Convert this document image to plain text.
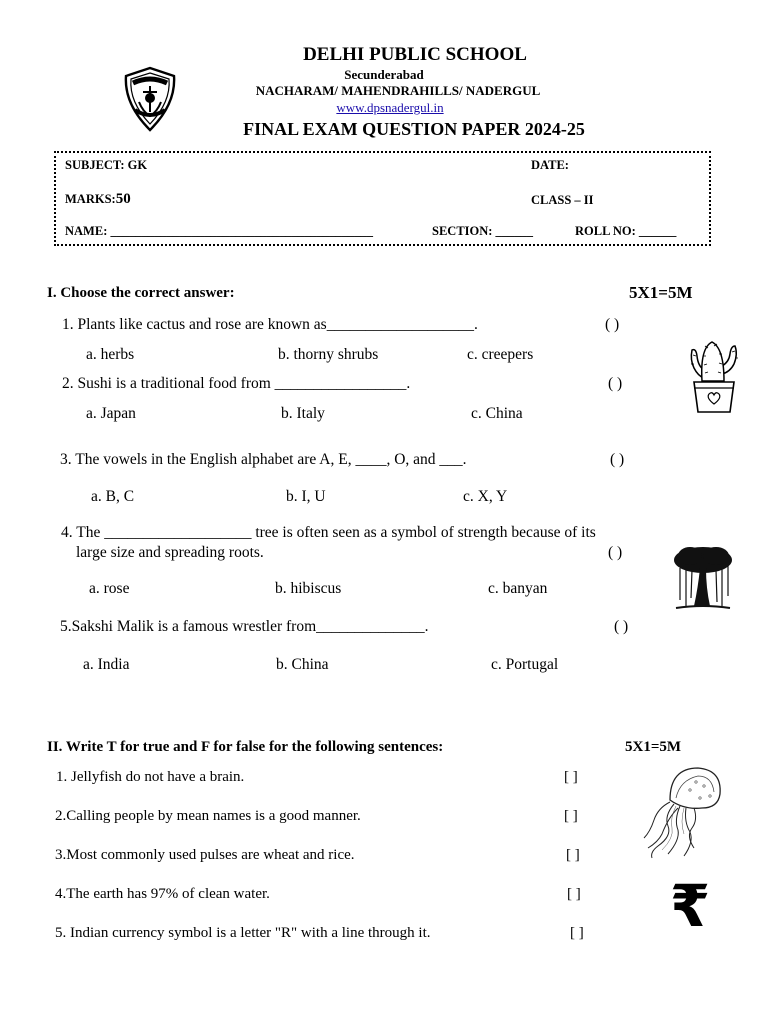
DELHI PUBLIC SCHOOL
Secunderabad
NACHARAM/ MAHENDRAHILLS/ NADERGUL
www.dpsnadergul.in
FINAL EXAM QUESTION PAPER 2024-25
SUBJECT: GK	DATE:
MARKS:50	CLASS – II
NAME: __________________________________________	SECTION: ______	ROLL NO: ______
I. Choose the correct answer:	5X1=5M
1. Plants like cactus and rose are known as___________________.	( )
a. herbs	b. thorny shrubs	c. creepers
2. Sushi is a traditional food from _________________.	( )
a. Japan	b. Italy	c. China
3. The vowels in the English alphabet are A, E, ____, O, and ___.	( )
a. B, C	b. I, U	c. X, Y
4. The ___________________ tree is often seen as a symbol of strength because of its
large size and spreading roots.	( )
a. rose	b. hibiscus	c. banyan
5.Sakshi Malik is a famous wrestler from______________.	( )
a. India	b. China	c. Portugal
II. Write T for true and F for false for the following sentences:	5X1=5M
1. Jellyfish do not have a brain.	[ ]
2.Calling people by mean names is a good manner.	[ ]
3.Most commonly used pulses are wheat and rice.	[ ]
4.The earth has 97% of clean water.	[ ]
5. Indian currency symbol is a letter "R" with a line through it.	[ ] ₹
